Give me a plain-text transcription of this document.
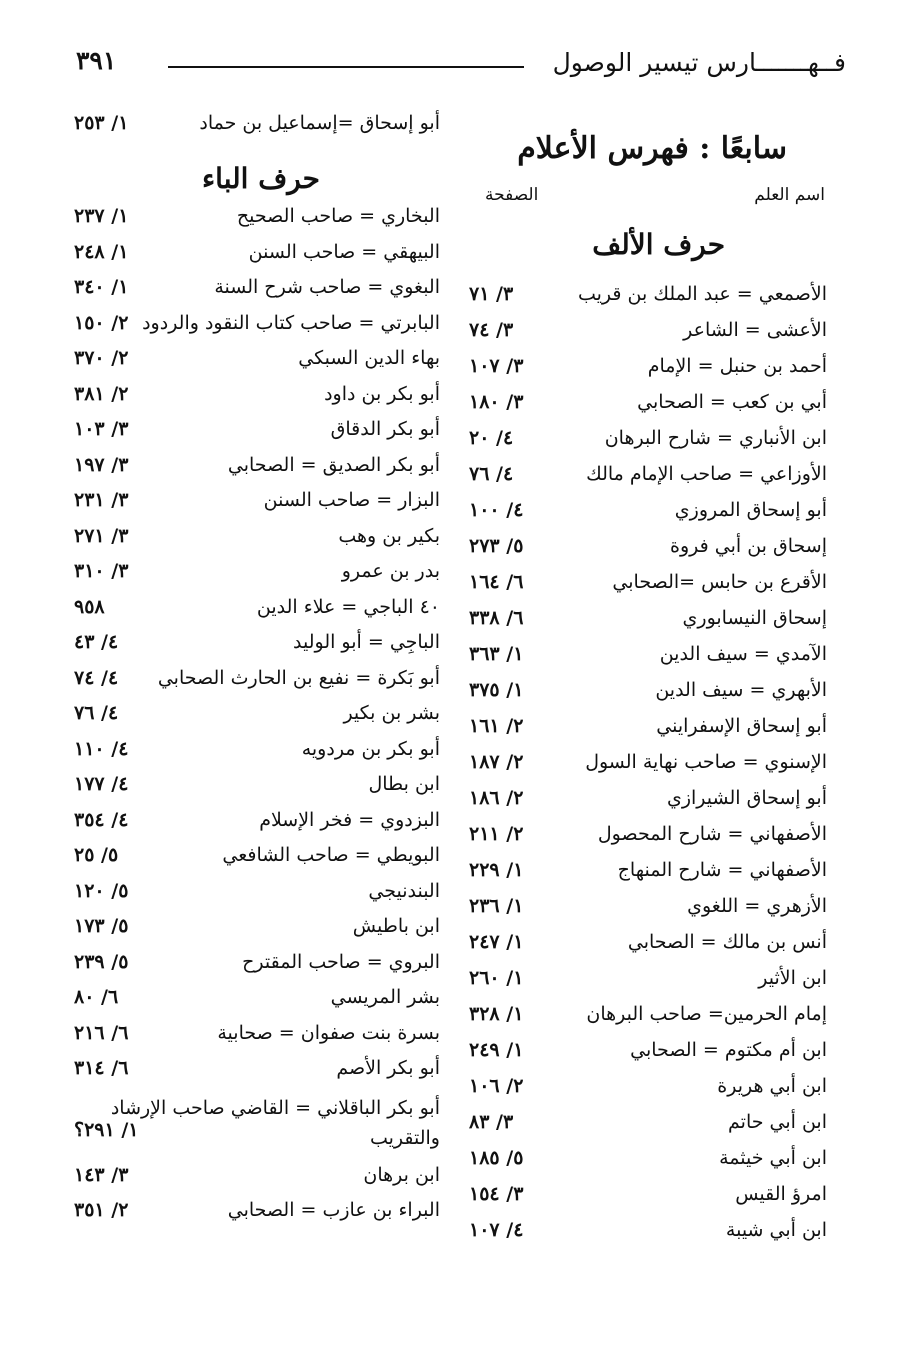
فــهـــــــارس تيسير الوصول
٣٩١
سابعًا : فهرس الأعلام
اسم العلم
الصفحة
حرف الألف
الأصمعي = عبد الملك بن قريب
٣/ ٧١
الأعشى = الشاعر
٣/ ٧٤
أحمد بن حنبل = الإمام
٣/ ١٠٧
أبي بن كعب = الصحابي
٣/ ١٨٠
ابن الأنباري = شارح البرهان
٤/ ٢٠
الأوزاعي = صاحب الإمام مالك
٤/ ٧٦
أبو إسحاق المروزي
٤/ ١٠٠
إسحاق بن أبي فروة
٥/ ٢٧٣
الأقرع بن حابس =الصحابي
٦/ ١٦٤
إسحاق النيسابوري
٦/ ٣٣٨
الآمدي = سيف الدين
١/ ٣٦٣
الأبهري = سيف الدين
١/ ٣٧٥
أبو إسحاق الإسفرايني
٢/ ١٦١
الإسنوي = صاحب نهاية السول
٢/ ١٨٧
أبو إسحاق الشيرازي
٢/ ١٨٦
الأصفهاني = شارح المحصول
٢/ ٢١١
الأصفهاني = شارح المنهاج
١/ ٢٢٩
الأزهري = اللغوي
١/ ٢٣٦
أنس بن مالك = الصحابي
١/ ٢٤٧
ابن الأثير
١/ ٢٦٠
إمام الحرمين= صاحب البرهان
١/ ٣٢٨
ابن أم مكتوم = الصحابي
١/ ٢٤٩
ابن أبي هريرة
٢/ ١٠٦
ابن أبي حاتم
٣/ ٨٣
ابن أبي خيثمة
٥/ ١٨٥
امرؤ القيس
٣/ ١٥٤
ابن أبي شيبة
٤/ ١٠٧
أبو إسحاق =إسماعيل بن حماد
١/ ٢٥٣
حرف الباء
البخاري = صاحب الصحيح
١/ ٢٣٧
البيهقي = صاحب السنن
١/ ٢٤٨
البغوي = صاحب شرح السنة
١/ ٣٤٠
البابرتي = صاحب كتاب النقود والردود
٢/ ١٥٠
بهاء الدين السبكي
٢/ ٣٧٠
أبو بكر بن داود
٢/ ٣٨١
أبو بكر الدقاق
٣/ ١٠٣
أبو بكر الصديق = الصحابي
٣/ ١٩٧
البزار = صاحب السنن
٣/ ٢٣١
بكير بن وهب
٣/ ٢٧١
بدر بن عمرو
٣/ ٣١٠
٤٠ الباجي = علاء الدين
٩٥٨
الباجِي = أبو الوليد
٤/ ٤٣
أبو بَكرة = نفيع بن الحارث الصحابي
٤/ ٧٤
بشر بن بكير
٤/ ٧٦
أبو بكر بن مردويه
٤/ ١١٠
ابن بطال
٤/ ١٧٧
البزدوي = فخر الإسلام
٤/ ٣٥٤
البويطي = صاحب الشافعي
٥/ ٢٥
البندنيجي
٥/ ١٢٠
ابن باطيش
٥/ ١٧٣
البروي = صاحب المقترح
٥/ ٢٣٩
بشر المريسي
٦/ ٨٠
بسرة بنت صفوان = صحابية
٦/ ٢١٦
أبو بكر الأصم
٦/ ٣١٤
أبو بكر الباقلاني = القاضي صاحب الإرشاد والتقريب
١/ ٢٩١؟
ابن برهان
٣/ ١٤٣
البراء بن عازب = الصحابي
٢/ ٣٥١
